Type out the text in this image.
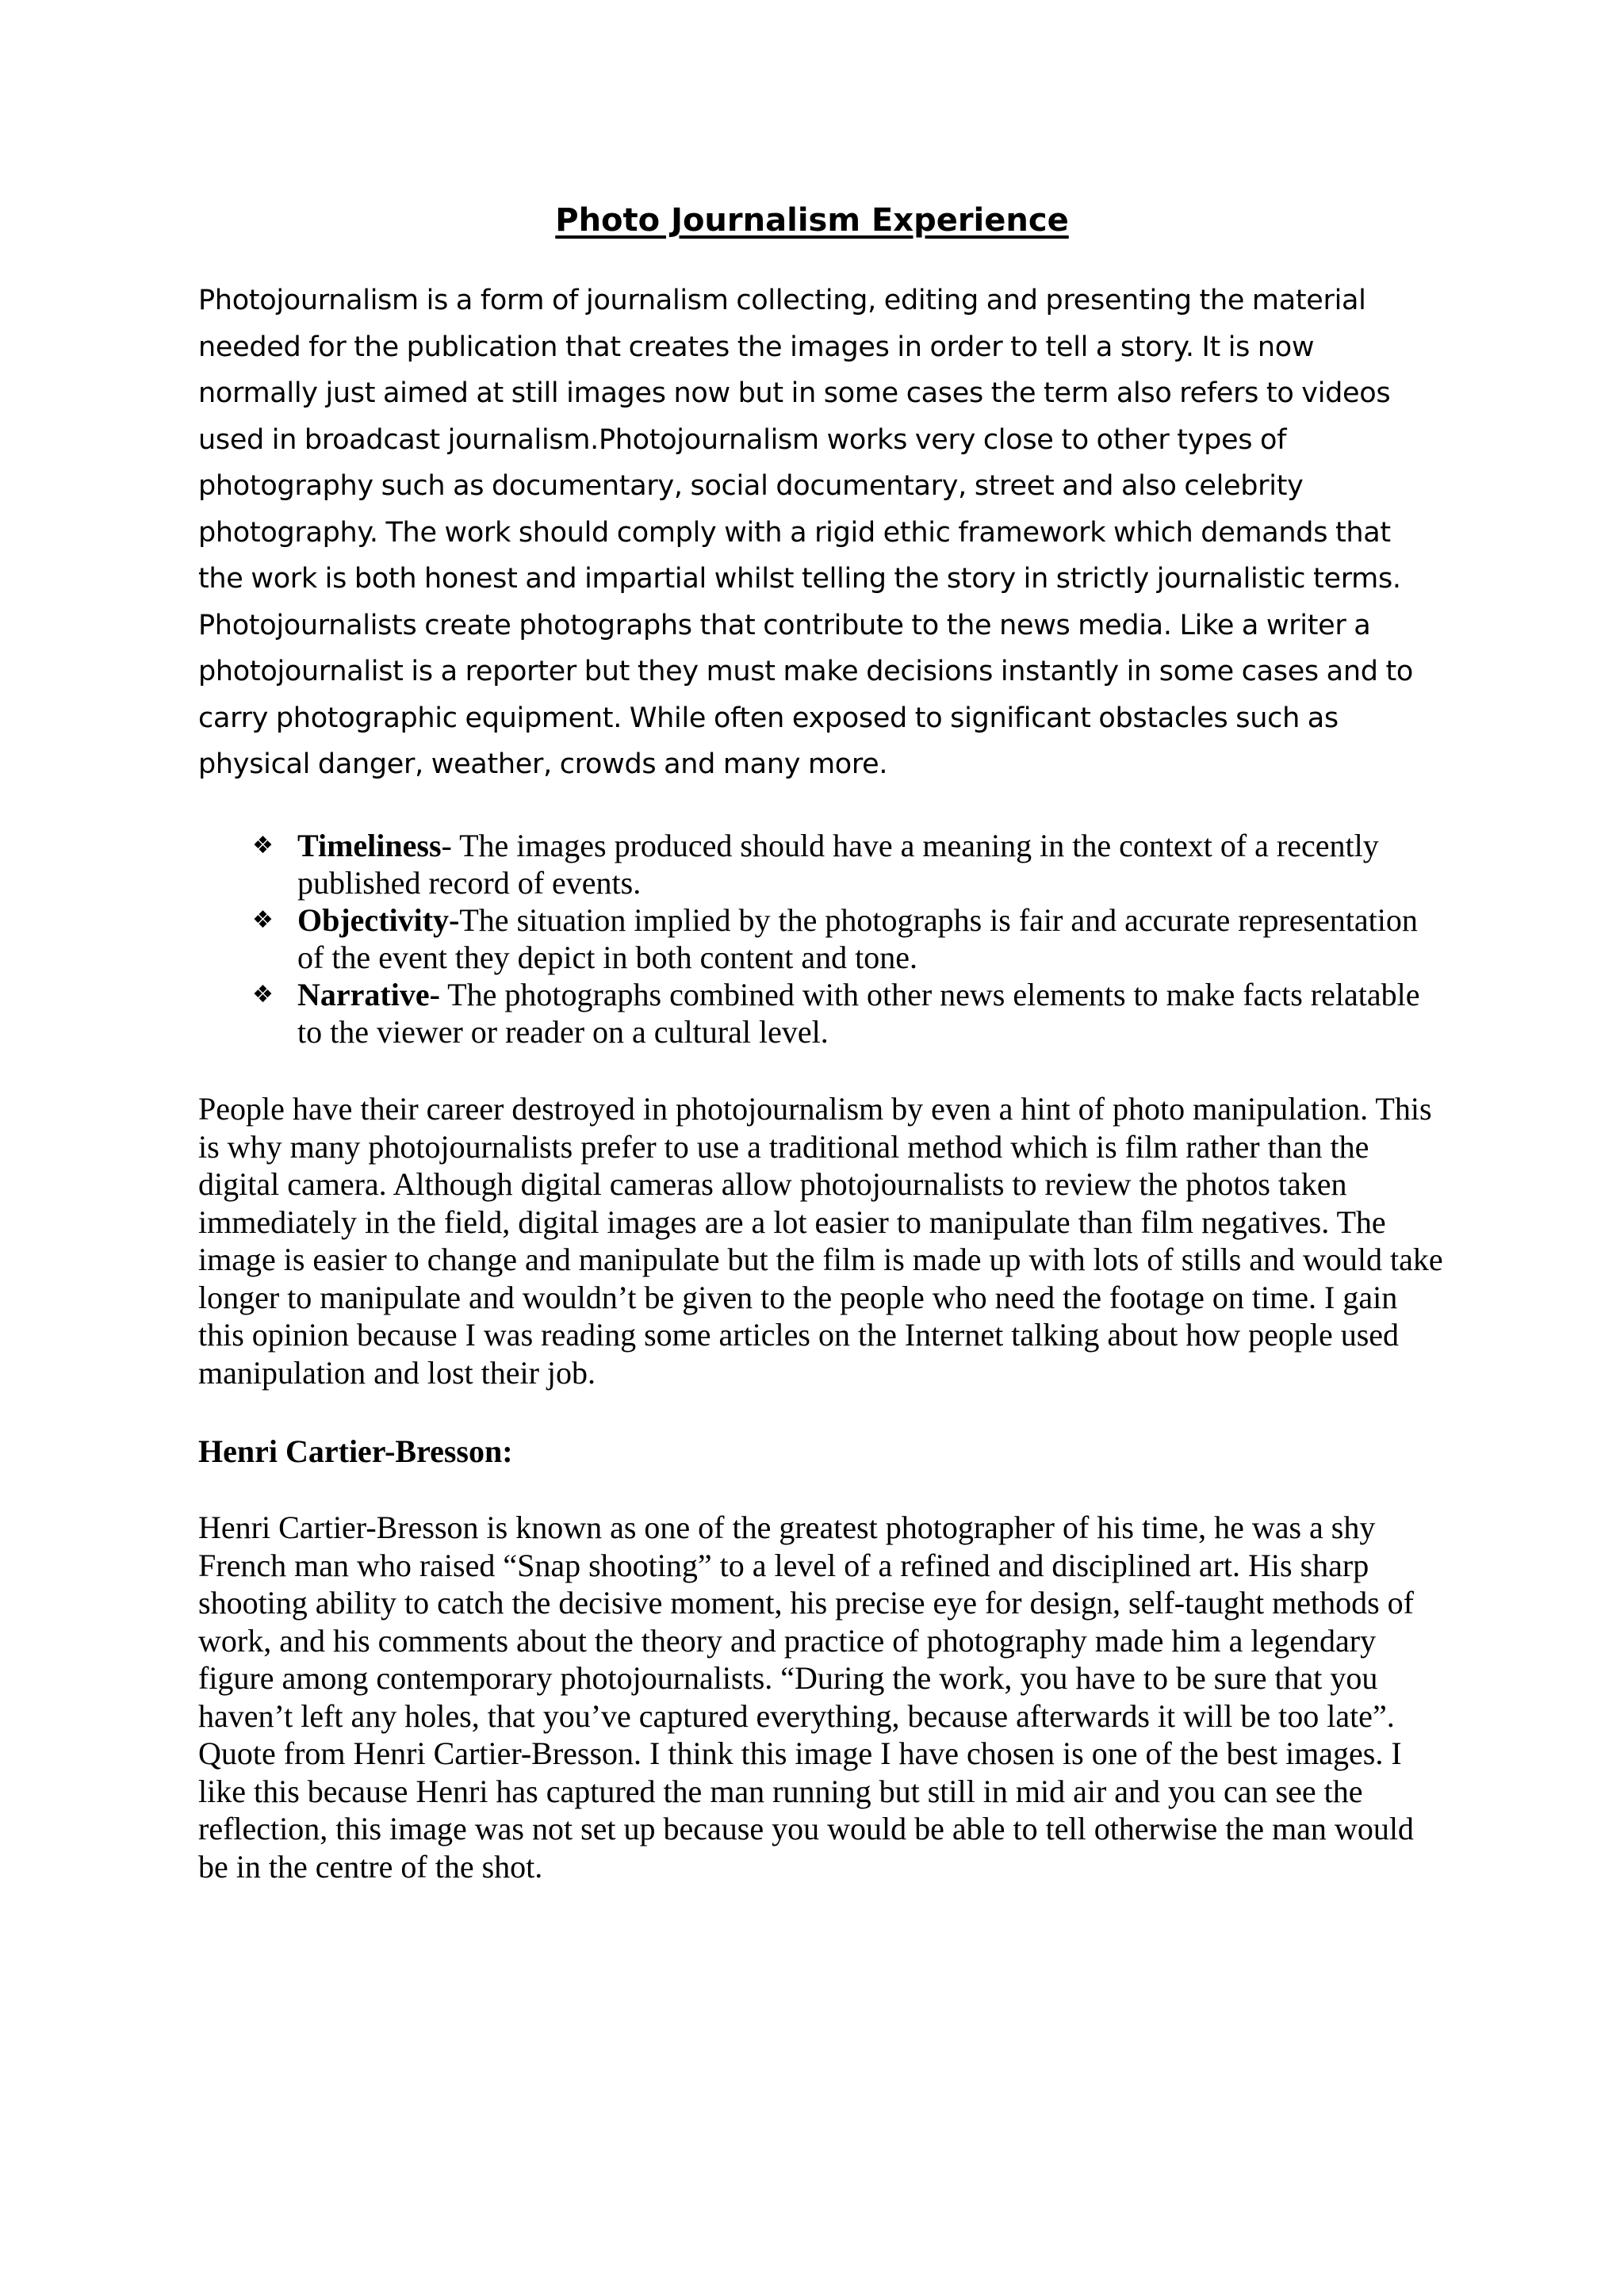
Photo Journalism Experience

Photojournalism is a form of journalism collecting, editing and presenting the material needed for the publication that creates the images in order to tell a story. It is now normally just aimed at still images now but in some cases the term also refers to videos used in broadcast journalism.Photojournalism works very close to other types of photography such as documentary, social documentary, street and also celebrity photography. The work should comply with a rigid ethic framework which demands that the work is both honest and impartial whilst telling the story in strictly journalistic terms. Photojournalists create photographs that contribute to the news media. Like a writer a photojournalist is a reporter but they must make decisions instantly in some cases and to carry photographic equipment. While often exposed to significant obstacles such as physical danger, weather, crowds and many more.

❖ Timeliness- The images produced should have a meaning in the context of a recently published record of events.
❖ Objectivity-The situation implied by the photographs is fair and accurate representation of the event they depict in both content and tone.
❖ Narrative- The photographs combined with other news elements to make facts relatable to the viewer or reader on a cultural level.

People have their career destroyed in photojournalism by even a hint of photo manipulation. This is why many photojournalists prefer to use a traditional method which is film rather than the digital camera. Although digital cameras allow photojournalists to review the photos taken immediately in the field, digital images are a lot easier to manipulate than film negatives. The image is easier to change and manipulate but the film is made up with lots of stills and would take longer to manipulate and wouldn’t be given to the people who need the footage on time. I gain this opinion because I was reading some articles on the Internet talking about how people used manipulation and lost their job.

Henri Cartier-Bresson:

Henri Cartier-Bresson is known as one of the greatest photographer of his time, he was a shy French man who raised “Snap shooting” to a level of a refined and disciplined art. His sharp shooting ability to catch the decisive moment, his precise eye for design, self-taught methods of work, and his comments about the theory and practice of photography made him a legendary figure among contemporary photojournalists. “During the work, you have to be sure that you haven’t left any holes, that you’ve captured everything, because afterwards it will be too late”. Quote from Henri Cartier-Bresson. I think this image I have chosen is one of the best images. I like this because Henri has captured the man running but still in mid air and you can see the reflection, this image was not set up because you would be able to tell otherwise the man would be in the centre of the shot.
